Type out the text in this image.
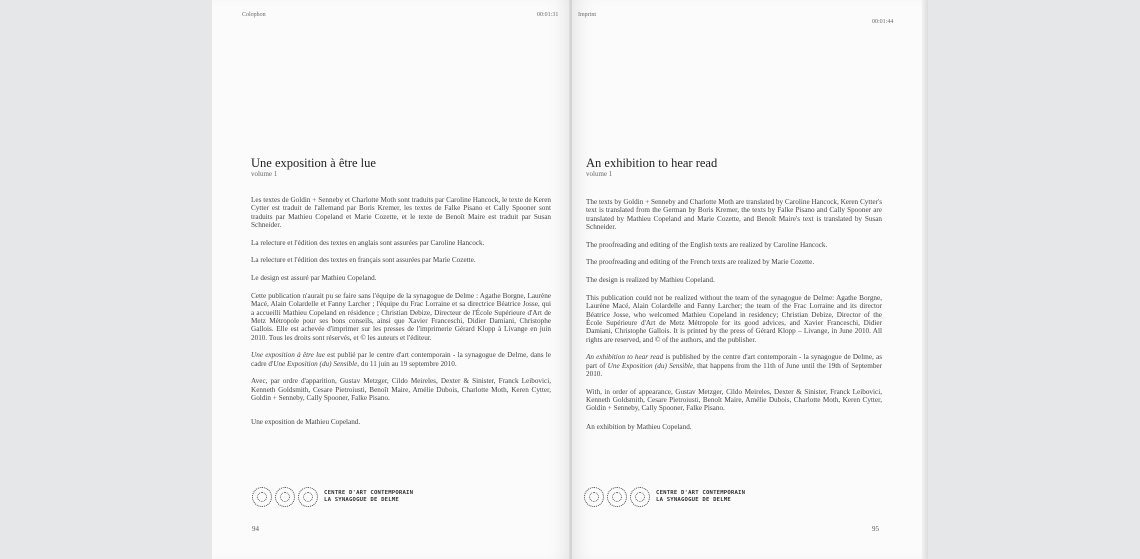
Colophon	00:01:31
Une exposition à être lue
volume 1

Les textes de Goldin + Senneby et Charlotte Moth sont traduits par Caroline Hancock, le texte de Keren Cytter est traduit de l'allemand par Boris Kremer, les textes de Falke Pisano et Cally Spooner sont traduits par Mathieu Copeland et Marie Cozette, et le texte de Benoît Maire est traduit par Susan Schneider.

La relecture et l'édition des textes en anglais sont assurées par Caroline Hancock.

La relecture et l'édition des textes en français sont assurées par Marie Cozette.

Le design est assuré par Mathieu Copeland.

Cette publication n'aurait pu se faire sans l'équipe de la synagogue de Delme : Agathe Borgne, Laurène Macé, Alain Colardelle et Fanny Larcher ; l'équipe du Frac Lorraine et sa directrice Béatrice Josse, qui a accueilli Mathieu Copeland en résidence ; Christian Debize, Directeur de l'École Supérieure d'Art de Metz Métropole pour ses bons conseils, ainsi que Xavier Franceschi, Didier Damiani, Christophe Gallois. Elle est achevée d'imprimer sur les presses de l'imprimerie Gérard Klopp à Livange en juin 2010. Tous les droits sont réservés, et © les auteurs et l'éditeur.

Une exposition à être lue est publié par le centre d'art contemporain - la synagogue de Delme, dans le cadre d'Une Exposition (du) Sensible, du 11 juin au 19 septembre 2010.

Avec, par ordre d'apparition, Gustav Metzger, Cildo Meireles, Dexter & Sinister, Franck Leibovici, Kenneth Goldsmith, Cesare Pietroiusti, Benoît Maire, Amélie Dubois, Charlotte Moth, Keren Cytter, Goldin + Senneby, Cally Spooner, Falke Pisano.

Une exposition de Mathieu Copeland.

CENTRE D'ART CONTEMPORAIN
LA SYNAGOGUE DE DELME
94
Imprint
00:01:44
An exhibition to hear read
volume 1

The texts by Goldin + Senneby and Charlotte Moth are translated by Caroline Hancock, Keren Cytter's text is translated from the German by Boris Kremer, the texts by Falke Pisano and Cally Spooner are translated by Mathieu Copeland and Marie Cozette, and Benoît Maire's text is translated by Susan Schneider.

The proofreading and editing of the English texts are realized by Caroline Hancock.

The proofreading and editing of the French texts are realized by Marie Cozette.

The design is realized by Mathieu Copeland.

This publication could not be realized without the team of the synagogue de Delme: Agathe Borgne, Laurène Macé, Alain Colardelle and Fanny Larcher; the team of the Frac Lorraine and its director Béatrice Josse, who welcomed Mathieu Copeland in residency; Christian Debize, Director of the École Supérieure d'Art de Metz Métropole for its good advices, and Xavier Franceschi, Didier Damiani, Christophe Gallois. It is printed by the press of Gérard Klopp – Livange, in June 2010. All rights are reserved, and © of the authors, and the publisher.

An exhibition to hear read is published by the centre d'art contemporain - la synagogue de Delme, as part of Une Exposition (du) Sensible, that happens from the 11th of June until the 19th of September 2010.

With, in order of appearance, Gustav Metzger, Cildo Meireles, Dexter & Sinister, Franck Leibovici, Kenneth Goldsmith, Cesare Pietroiusti, Benoît Maire, Amélie Dubois, Charlotte Moth, Keren Cytter, Goldin + Senneby, Cally Spooner, Falke Pisano.

An exhibition by Mathieu Copeland.

CENTRE D'ART CONTEMPORAIN
LA SYNAGOGUE DE DELME
95
